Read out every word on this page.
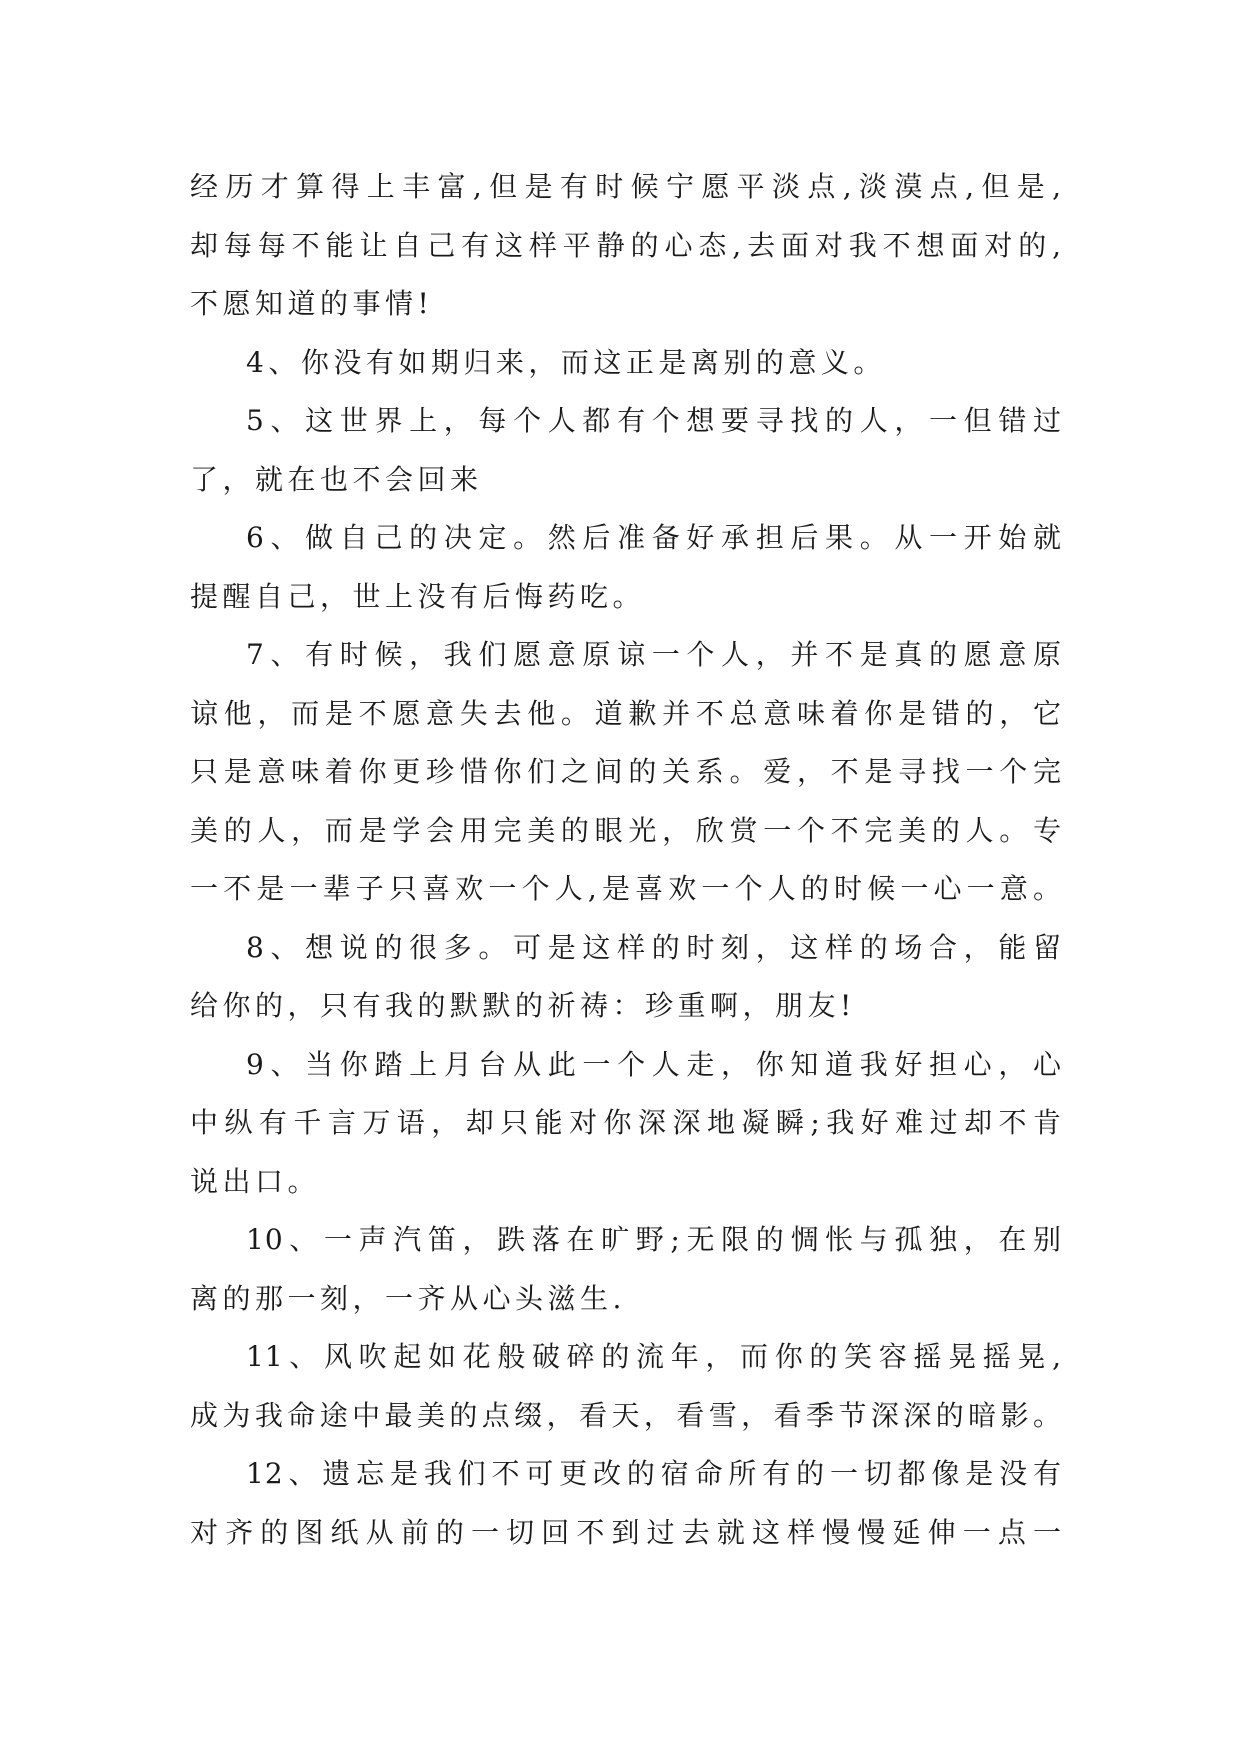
经历才算得上丰富,但是有时候宁愿平淡点,淡漠点,但是,
却每每不能让自己有这样平静的心态,去面对我不想面对的,
不愿知道的事情!
4、你没有如期归来，而这正是离别的意义。
5、这世界上，每个人都有个想要寻找的人，一但错过
了，就在也不会回来
6、做自己的决定。然后准备好承担后果。从一开始就
提醒自己，世上没有后悔药吃。
7、有时候，我们愿意原谅一个人，并不是真的愿意原
谅他，而是不愿意失去他。道歉并不总意味着你是错的，它
只是意味着你更珍惜你们之间的关系。爱，不是寻找一个完
美的人，而是学会用完美的眼光，欣赏一个不完美的人。专
一不是一辈子只喜欢一个人,是喜欢一个人的时候一心一意。
8、想说的很多。可是这样的时刻，这样的场合，能留
给你的，只有我的默默的祈祷：珍重啊，朋友!
9、当你踏上月台从此一个人走，你知道我好担心，心
中纵有千言万语，却只能对你深深地凝瞬;我好难过却不肯
说出口。
10、一声汽笛，跌落在旷野;无限的惆怅与孤独，在别
离的那一刻，一齐从心头滋生.
11、风吹起如花般破碎的流年，而你的笑容摇晃摇晃,
成为我命途中最美的点缀，看天，看雪，看季节深深的暗影。
12、遗忘是我们不可更改的宿命所有的一切都像是没有
对齐的图纸从前的一切回不到过去就这样慢慢延伸一点一
